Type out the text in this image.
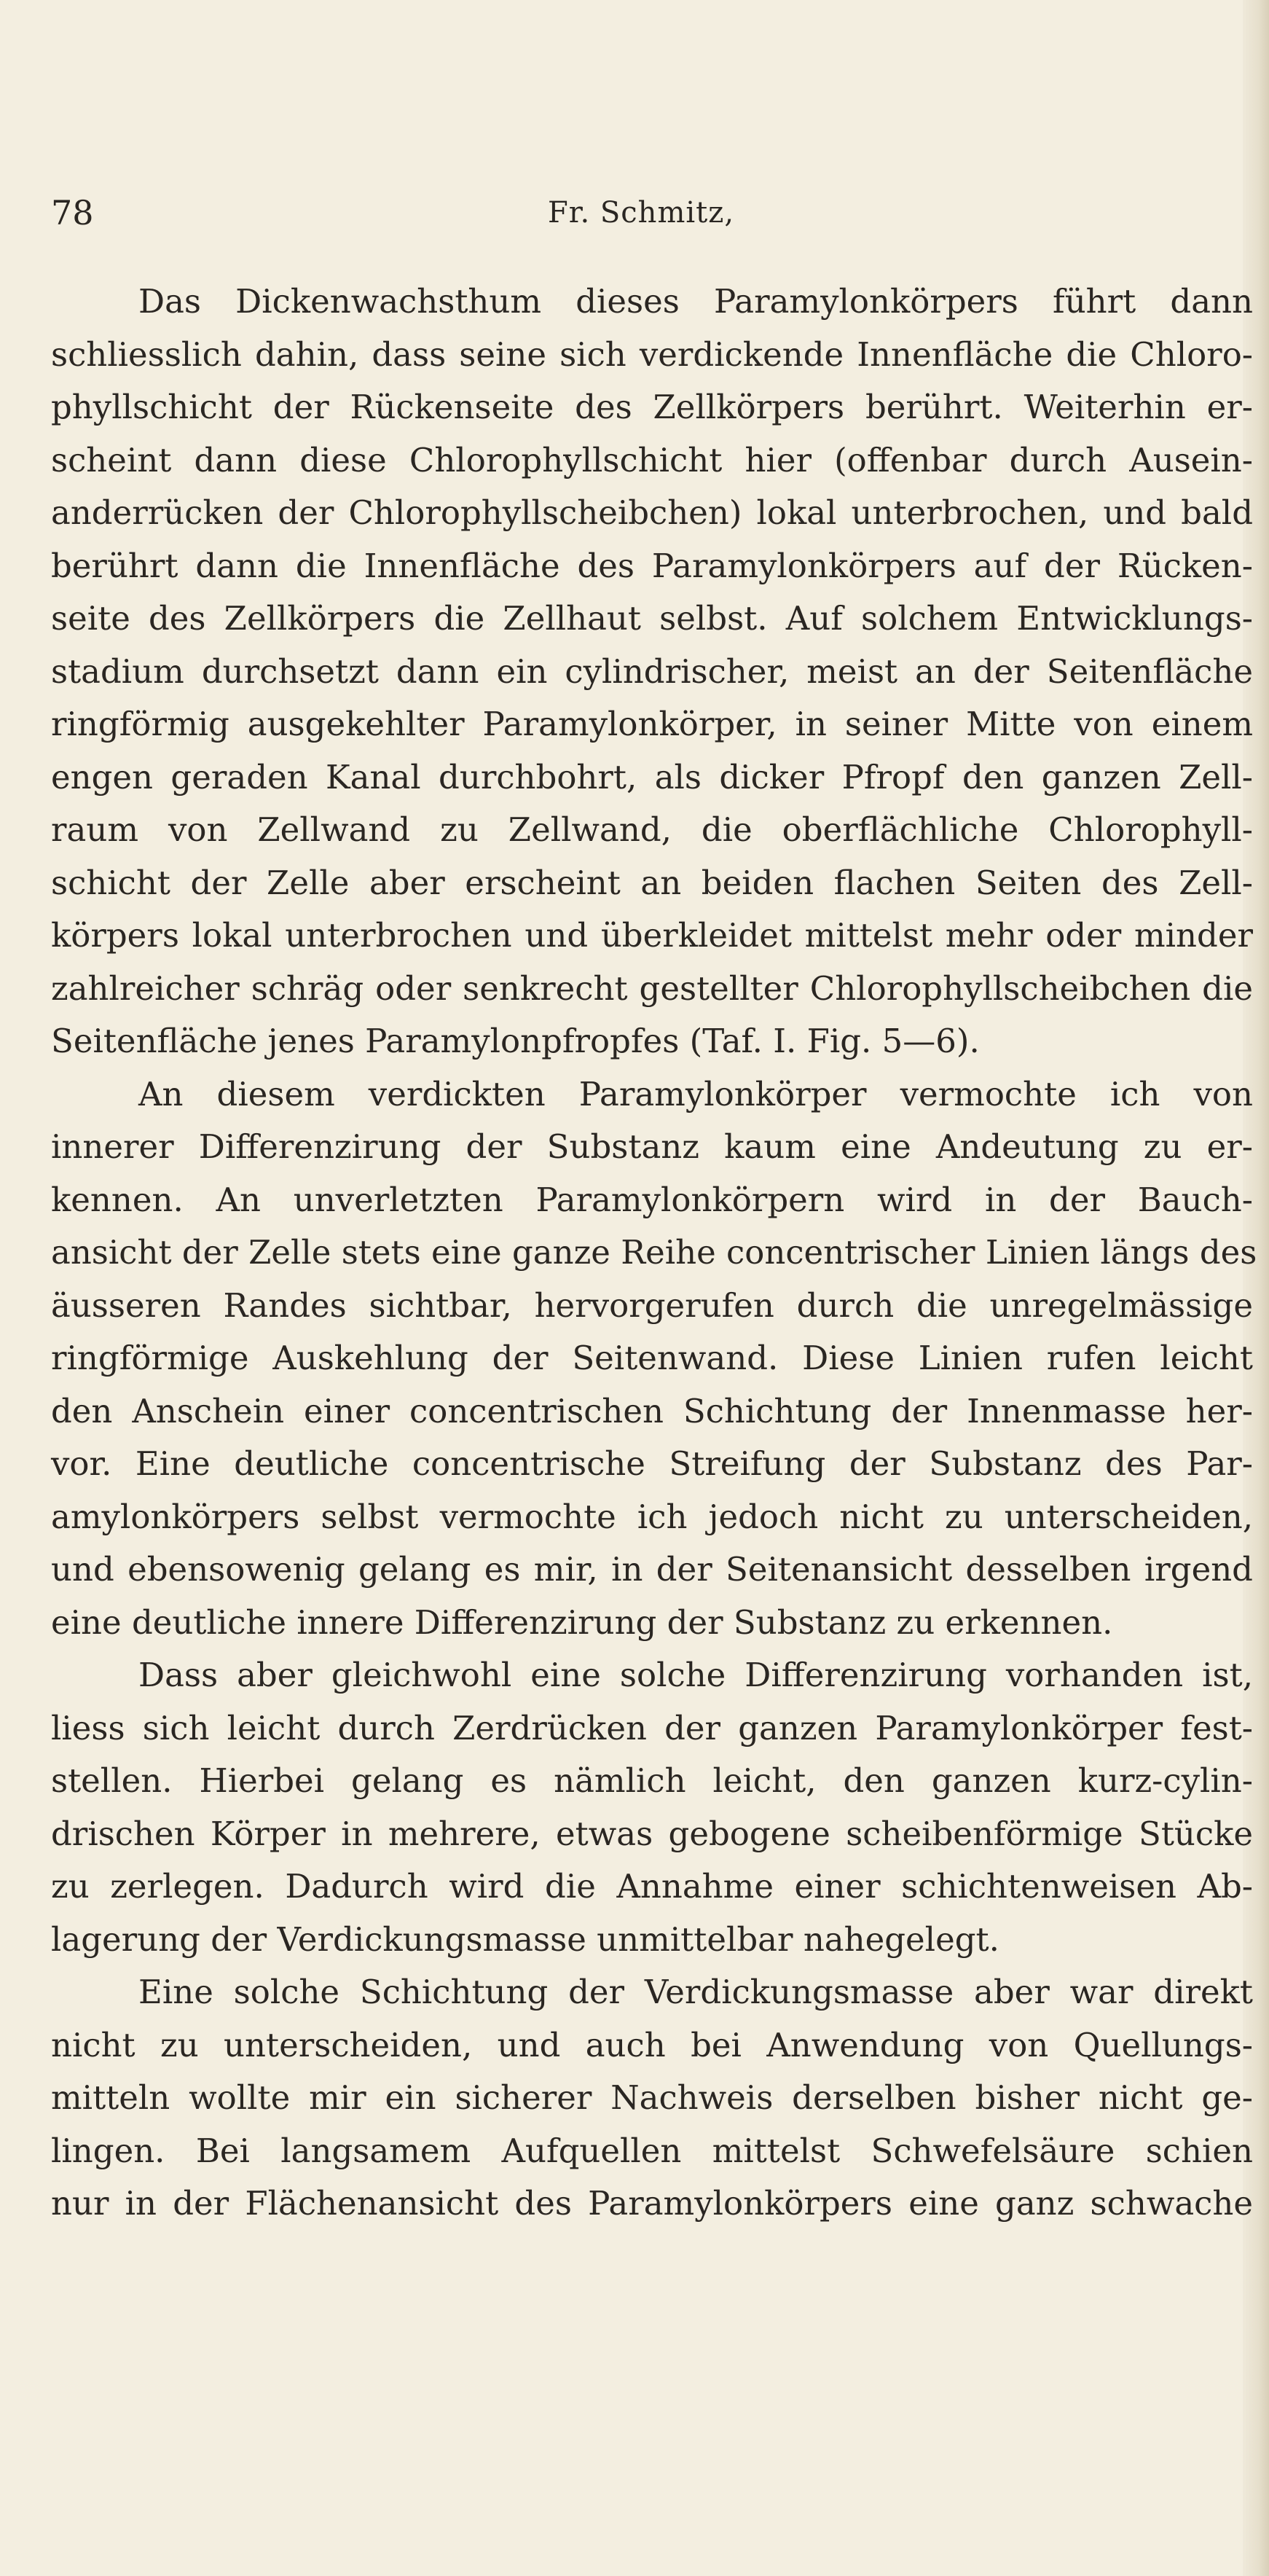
78	Fr. Schmitz,
Das Dickenwachsthum dieses Paramylonkörpers führt dann
schliesslich dahin, dass seine sich verdickende Innenfläche die Chloro-
phyllschicht der Rückenseite des Zellkörpers berührt. Weiterhin er-
scheint dann diese Chlorophyllschicht hier (offenbar durch Ausein-
anderrücken der Chlorophyllscheibchen) lokal unterbrochen, und bald
berührt dann die Innenfläche des Paramylonkörpers auf der Rücken-
seite des Zellkörpers die Zellhaut selbst. Auf solchem Entwicklungs-
stadium durchsetzt dann ein cylindrischer, meist an der Seitenfläche
ringförmig ausgekehlter Paramylonkörper, in seiner Mitte von einem
engen geraden Kanal durchbohrt, als dicker Pfropf den ganzen Zell-
raum von Zellwand zu Zellwand, die oberflächliche Chlorophyll-
schicht der Zelle aber erscheint an beiden flachen Seiten des Zell-
körpers lokal unterbrochen und überkleidet mittelst mehr oder minder
zahlreicher schräg oder senkrecht gestellter Chlorophyllscheibchen die
Seitenfläche jenes Paramylonpfropfes (Taf. I. Fig. 5—6).
An diesem verdickten Paramylonkörper vermochte ich von
innerer Differenzirung der Substanz kaum eine Andeutung zu er-
kennen. An unverletzten Paramylonkörpern wird in der Bauch-
ansicht der Zelle stets eine ganze Reihe concentrischer Linien längs des
äusseren Randes sichtbar, hervorgerufen durch die unregelmässige
ringförmige Auskehlung der Seitenwand. Diese Linien rufen leicht
den Anschein einer concentrischen Schichtung der Innenmasse her-
vor. Eine deutliche concentrische Streifung der Substanz des Par-
amylonkörpers selbst vermochte ich jedoch nicht zu unterscheiden,
und ebensowenig gelang es mir, in der Seitenansicht desselben irgend
eine deutliche innere Differenzirung der Substanz zu erkennen.
Dass aber gleichwohl eine solche Differenzirung vorhanden ist,
liess sich leicht durch Zerdrücken der ganzen Paramylonkörper fest-
stellen. Hierbei gelang es nämlich leicht, den ganzen kurz-cylin-
drischen Körper in mehrere, etwas gebogene scheibenförmige Stücke
zu zerlegen. Dadurch wird die Annahme einer schichtenweisen Ab-
lagerung der Verdickungsmasse unmittelbar nahegelegt.
Eine solche Schichtung der Verdickungsmasse aber war direkt
nicht zu unterscheiden, und auch bei Anwendung von Quellungs-
mitteln wollte mir ein sicherer Nachweis derselben bisher nicht ge-
lingen. Bei langsamem Aufquellen mittelst Schwefelsäure schien
nur in der Flächenansicht des Paramylonkörpers eine ganz schwache
